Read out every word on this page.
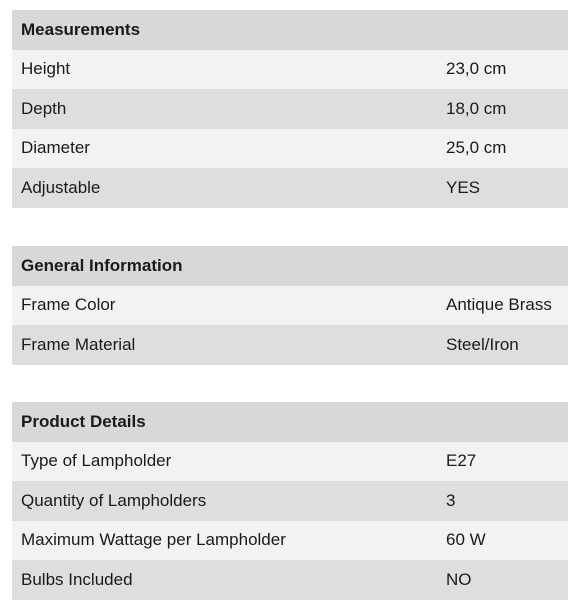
Measurements
Height	23,0 cm
Depth	18,0 cm
Diameter	25,0 cm
Adjustable	YES
General Information
Frame Color	Antique Brass
Frame Material	Steel/Iron
Product Details
Type of Lampholder	E27
Quantity of Lampholders	3
Maximum Wattage per Lampholder	60 W
Bulbs Included	NO
